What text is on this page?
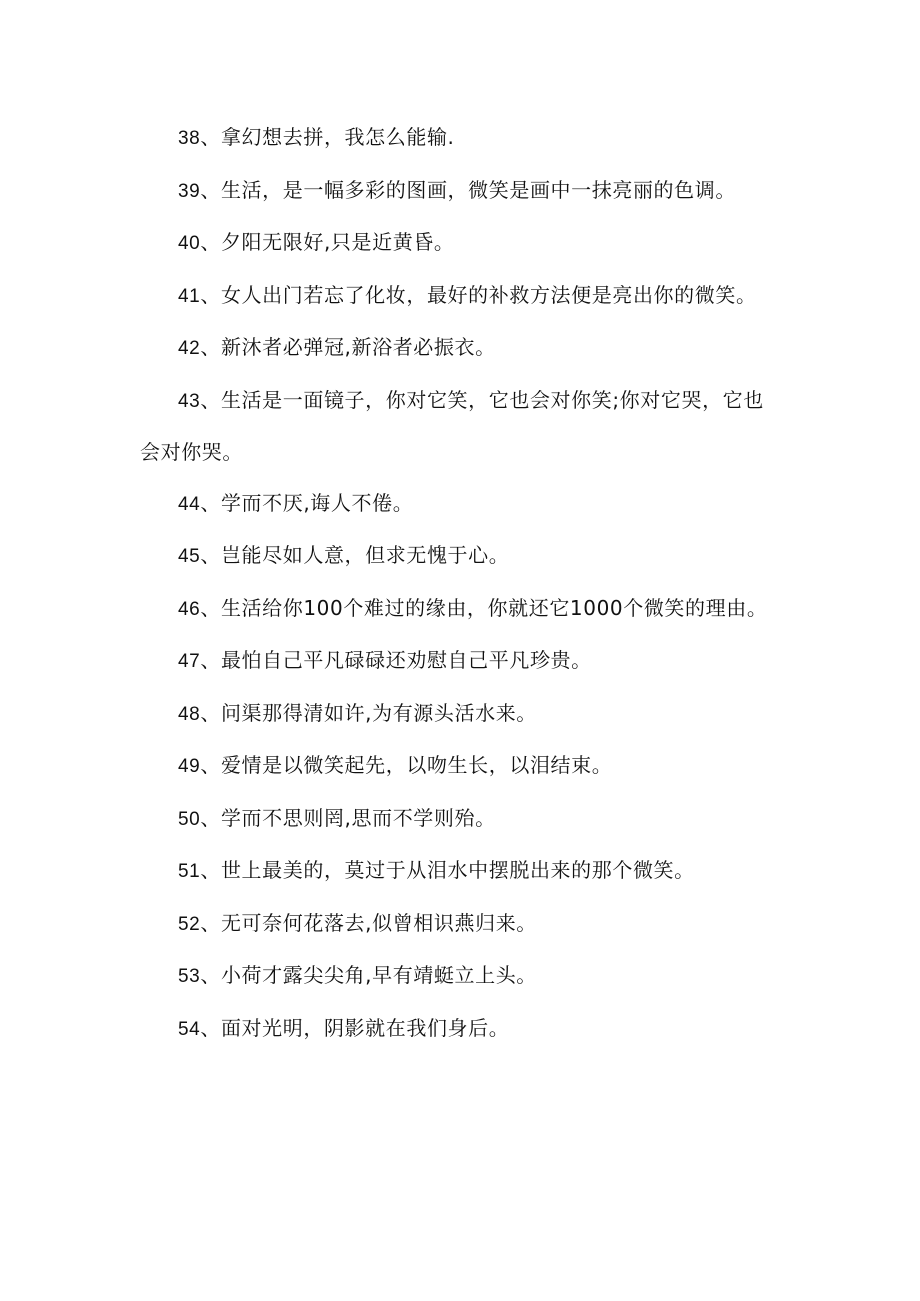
38、拿幻想去拼，我怎么能输.

39、生活，是一幅多彩的图画，微笑是画中一抹亮丽的色调。

40、夕阳无限好,只是近黄昏。

41、女人出门若忘了化妆，最好的补救方法便是亮出你的微笑。

42、新沐者必弹冠,新浴者必振衣。

43、生活是一面镜子，你对它笑，它也会对你笑;你对它哭，它也会对你哭。

44、学而不厌,诲人不倦。

45、岂能尽如人意，但求无愧于心。

46、生活给你100个难过的缘由，你就还它1000个微笑的理由。

47、最怕自己平凡碌碌还劝慰自己平凡珍贵。

48、问渠那得清如许,为有源头活水来。

49、爱情是以微笑起先，以吻生长，以泪结束。

50、学而不思则罔,思而不学则殆。

51、世上最美的，莫过于从泪水中摆脱出来的那个微笑。

52、无可奈何花落去,似曾相识燕归来。

53、小荷才露尖尖角,早有靖蜓立上头。

54、面对光明，阴影就在我们身后。
